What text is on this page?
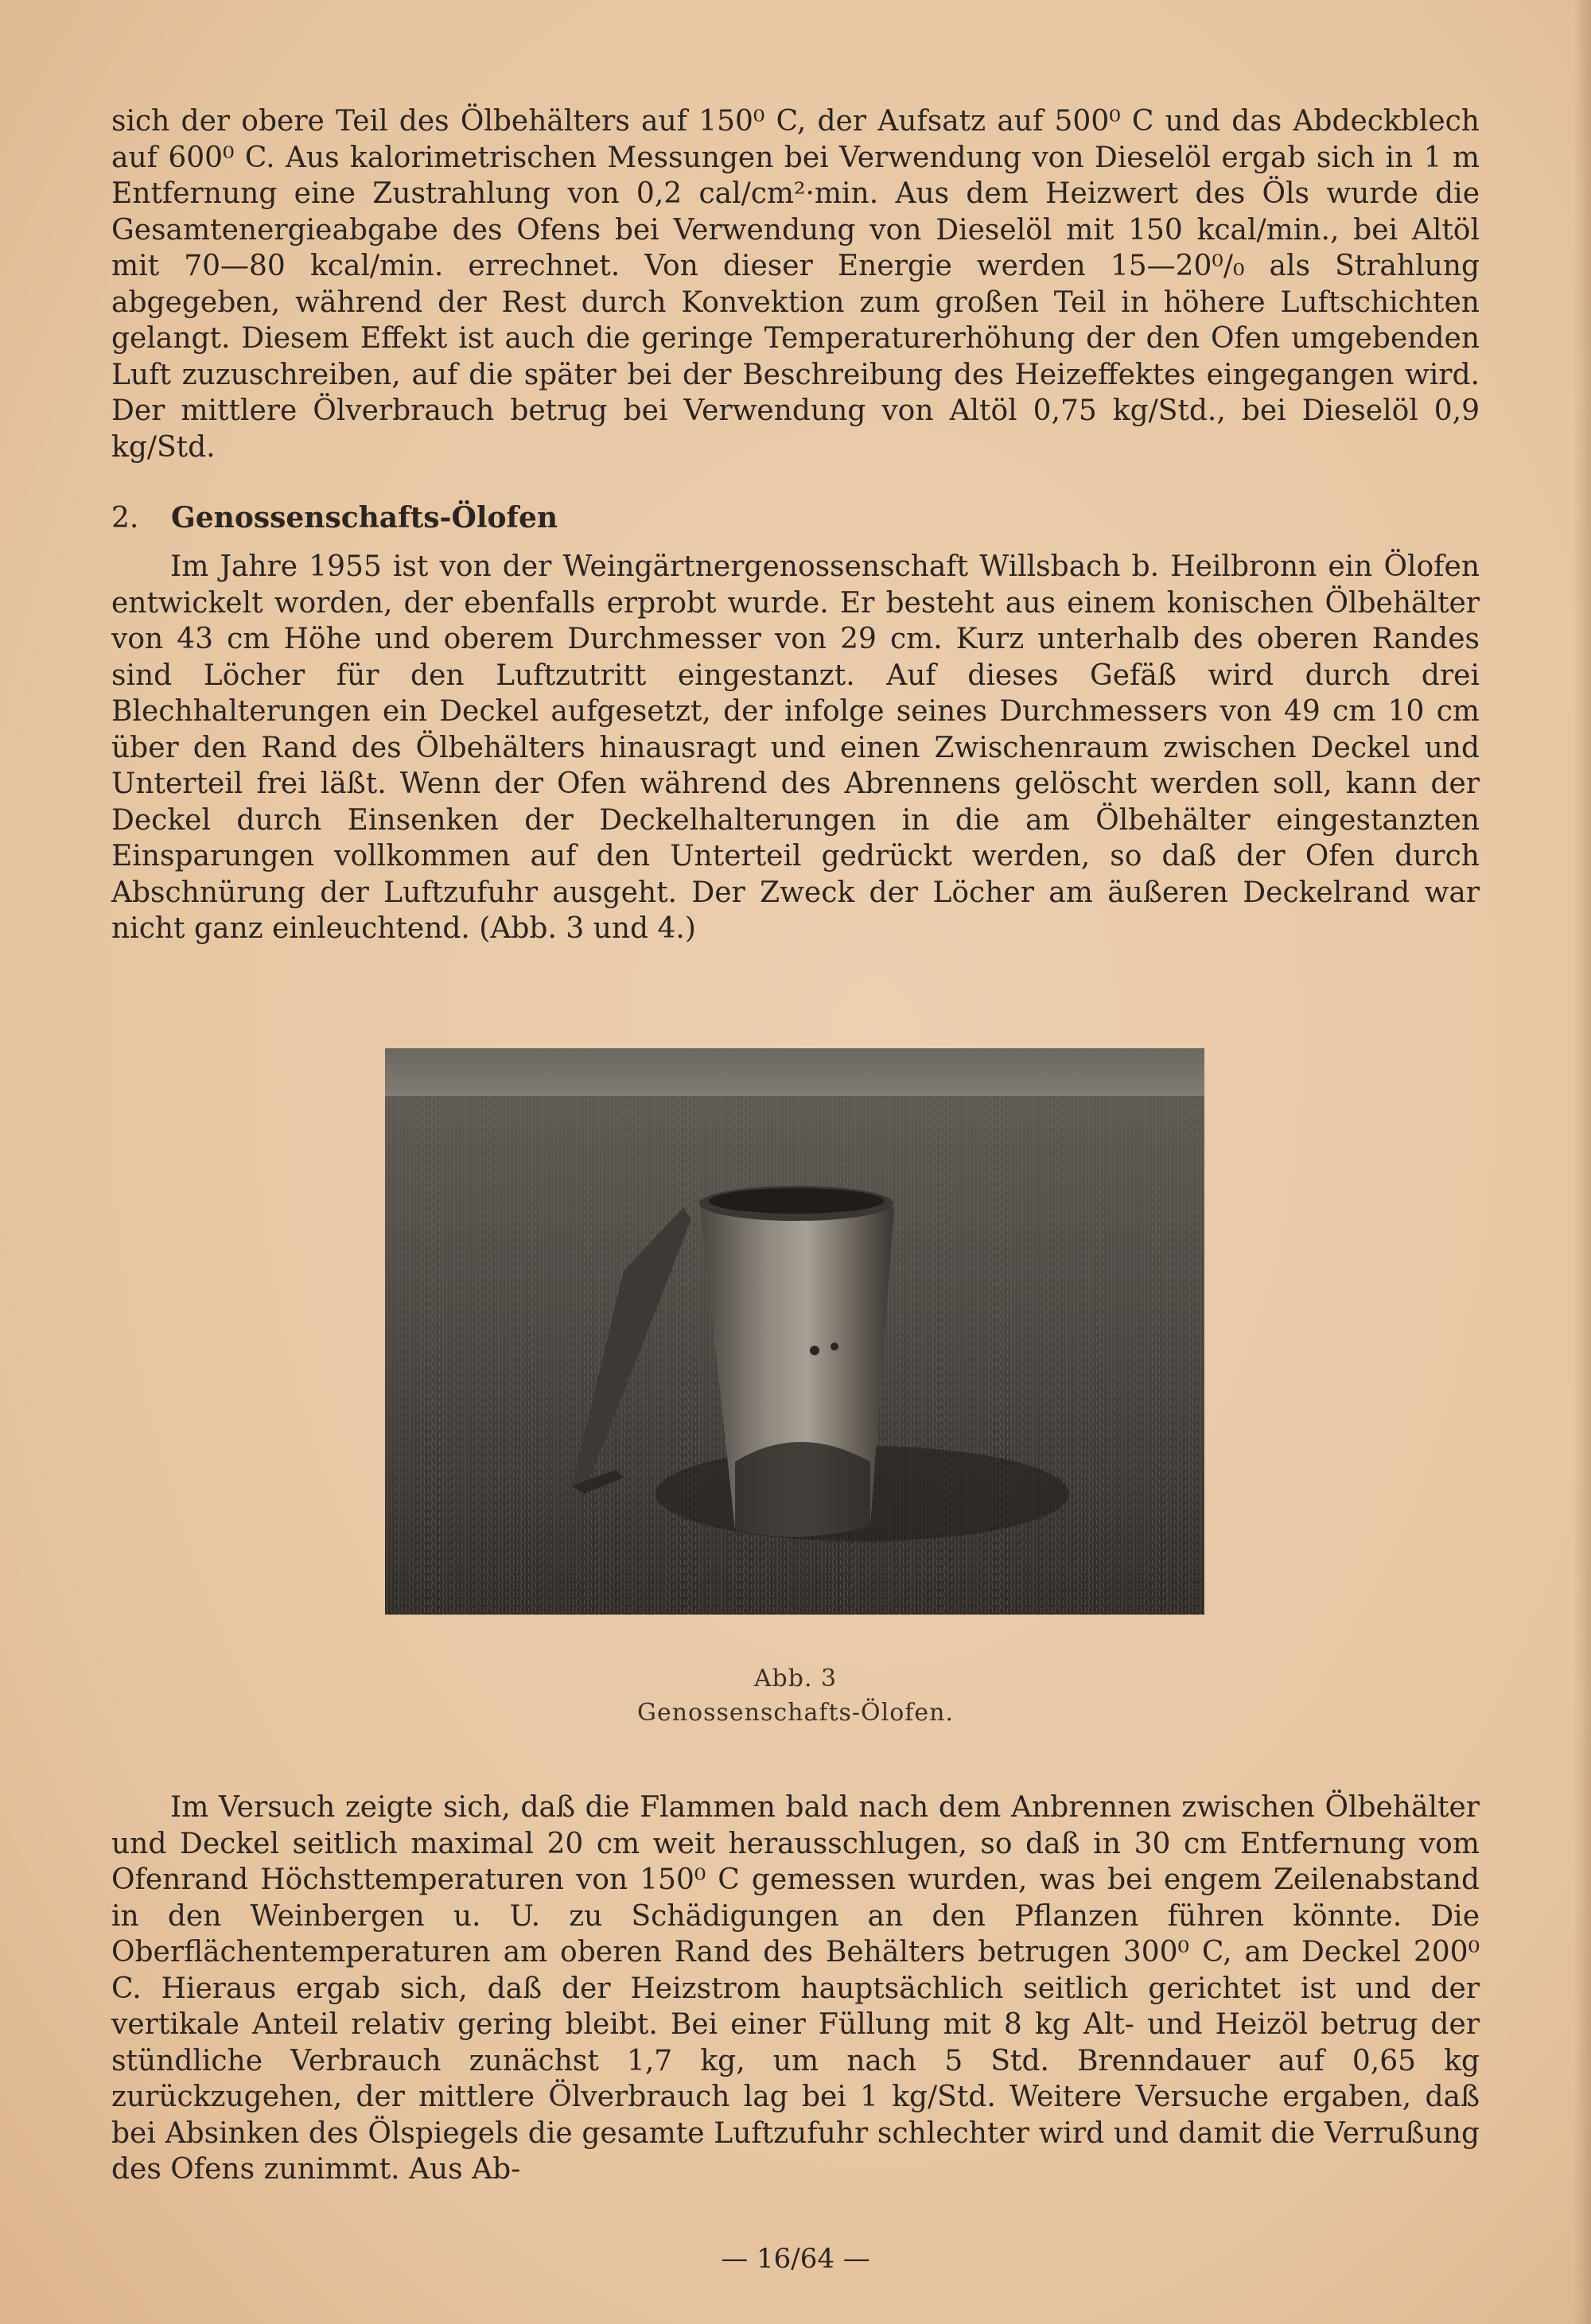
sich der obere Teil des Ölbehälters auf 150⁰ C, der Aufsatz auf 500⁰ C und das Abdeckblech auf 600⁰ C. Aus kalorimetrischen Messungen bei Verwendung von Dieselöl ergab sich in 1 m Entfernung eine Zustrahlung von 0,2 cal/cm²·min. Aus dem Heizwert des Öls wurde die Gesamtenergieabgabe des Ofens bei Verwendung von Dieselöl mit 150 kcal/min., bei Altöl mit 70—80 kcal/min. errechnet. Von dieser Energie werden 15—20⁰/₀ als Strahlung abgegeben, während der Rest durch Konvektion zum großen Teil in höhere Luftschichten gelangt. Diesem Effekt ist auch die geringe Temperaturerhöhung der den Ofen umgebenden Luft zuzuschreiben, auf die später bei der Beschreibung des Heizeffektes eingegangen wird. Der mittlere Ölverbrauch betrug bei Verwendung von Altöl 0,75 kg/Std., bei Dieselöl 0,9 kg/Std.

2. Genossenschafts-Ölofen

Im Jahre 1955 ist von der Weingärtnergenossenschaft Willsbach b. Heilbronn ein Ölofen entwickelt worden, der ebenfalls erprobt wurde. Er besteht aus einem konischen Ölbehälter von 43 cm Höhe und oberem Durchmesser von 29 cm. Kurz unterhalb des oberen Randes sind Löcher für den Luftzutritt eingestanzt. Auf dieses Gefäß wird durch drei Blechhalterungen ein Deckel aufgesetzt, der infolge seines Durchmessers von 49 cm 10 cm über den Rand des Ölbehälters hinausragt und einen Zwischenraum zwischen Deckel und Unterteil frei läßt. Wenn der Ofen während des Abrennens gelöscht werden soll, kann der Deckel durch Einsenken der Deckelhalterungen in die am Ölbehälter eingestanzten Einsparungen vollkommen auf den Unterteil gedrückt werden, so daß der Ofen durch Abschnürung der Luftzufuhr ausgeht. Der Zweck der Löcher am äußeren Deckelrand war nicht ganz einleuchtend. (Abb. 3 und 4.)

Abb. 3
Genossenschafts-Ölofen.

Im Versuch zeigte sich, daß die Flammen bald nach dem Anbrennen zwischen Ölbehälter und Deckel seitlich maximal 20 cm weit herausschlugen, so daß in 30 cm Entfernung vom Ofenrand Höchsttemperaturen von 150⁰ C gemessen wurden, was bei engem Zeilenabstand in den Weinbergen u. U. zu Schädigungen an den Pflanzen führen könnte. Die Oberflächentemperaturen am oberen Rand des Behälters betrugen 300⁰ C, am Deckel 200⁰ C. Hieraus ergab sich, daß der Heizstrom hauptsächlich seitlich gerichtet ist und der vertikale Anteil relativ gering bleibt. Bei einer Füllung mit 8 kg Alt- und Heizöl betrug der stündliche Verbrauch zunächst 1,7 kg, um nach 5 Std. Brenndauer auf 0,65 kg zurückzugehen, der mittlere Ölverbrauch lag bei 1 kg/Std. Weitere Versuche ergaben, daß bei Absinken des Ölspiegels die gesamte Luftzufuhr schlechter wird und damit die Verrußung des Ofens zunimmt. Aus Ab-

— 16/64 —
